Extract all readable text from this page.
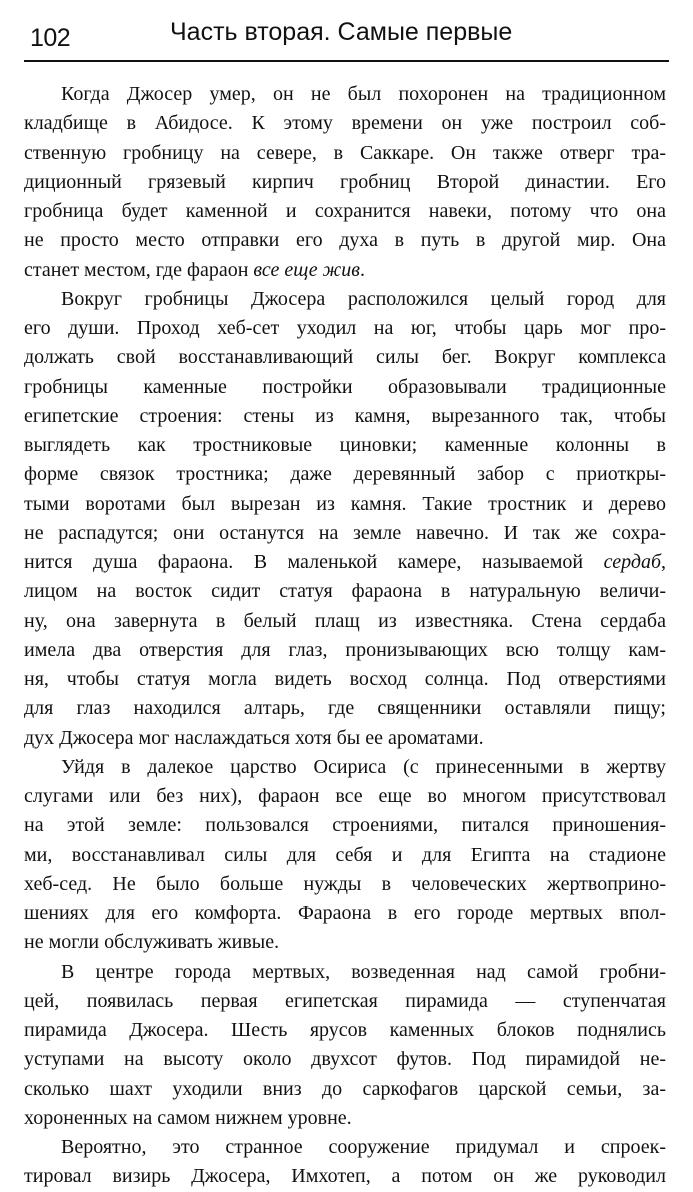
102	Часть вторая. Самые первые
Когда Джосер умер, он не был похоронен на традиционном
кладбище в Абидосе. К этому времени он уже построил соб-
ственную гробницу на севере, в Саккаре. Он также отверг тра-
диционный грязевый кирпич гробниц Второй династии. Его
гробница будет каменной и сохранится навеки, потому что она
не просто место отправки его духа в путь в другой мир. Она
станет местом, где фараон все еще жив.
Вокруг гробницы Джосера расположился целый город для
его души. Проход хеб-сет уходил на юг, чтобы царь мог про-
должать свой восстанавливающий силы бег. Вокруг комплекса
гробницы каменные постройки образовывали традиционные
египетские строения: стены из камня, вырезанного так, чтобы
выглядеть как тростниковые циновки; каменные колонны в
форме связок тростника; даже деревянный забор с приоткры-
тыми воротами был вырезан из камня. Такие тростник и дерево
не распадутся; они останутся на земле навечно. И так же сохра-
нится душа фараона. В маленькой камере, называемой сердаб,
лицом на восток сидит статуя фараона в натуральную величи-
ну, она завернута в белый плащ из известняка. Стена сердаба
имела два отверстия для глаз, пронизывающих всю толщу кам-
ня, чтобы статуя могла видеть восход солнца. Под отверстиями
для глаз находился алтарь, где священники оставляли пищу;
дух Джосера мог наслаждаться хотя бы ее ароматами.
Уйдя в далекое царство Осириса (с принесенными в жертву
слугами или без них), фараон все еще во многом присутствовал
на этой земле: пользовался строениями, питался приношения-
ми, восстанавливал силы для себя и для Египта на стадионе
хеб-сед. Не было больше нужды в человеческих жертвоприно-
шениях для его комфорта. Фараона в его городе мертвых впол-
не могли обслуживать живые.
В центре города мертвых, возведенная над самой гробни-
цей, появилась первая египетская пирамида — ступенчатая
пирамида Джосера. Шесть ярусов каменных блоков поднялись
уступами на высоту около двухсот футов. Под пирамидой не-
сколько шахт уходили вниз до саркофагов царской семьи, за-
хороненных на самом нижнем уровне.
Вероятно, это странное сооружение придумал и спроек-
тировал визирь Джосера, Имхотеп, а потом он же руководил
